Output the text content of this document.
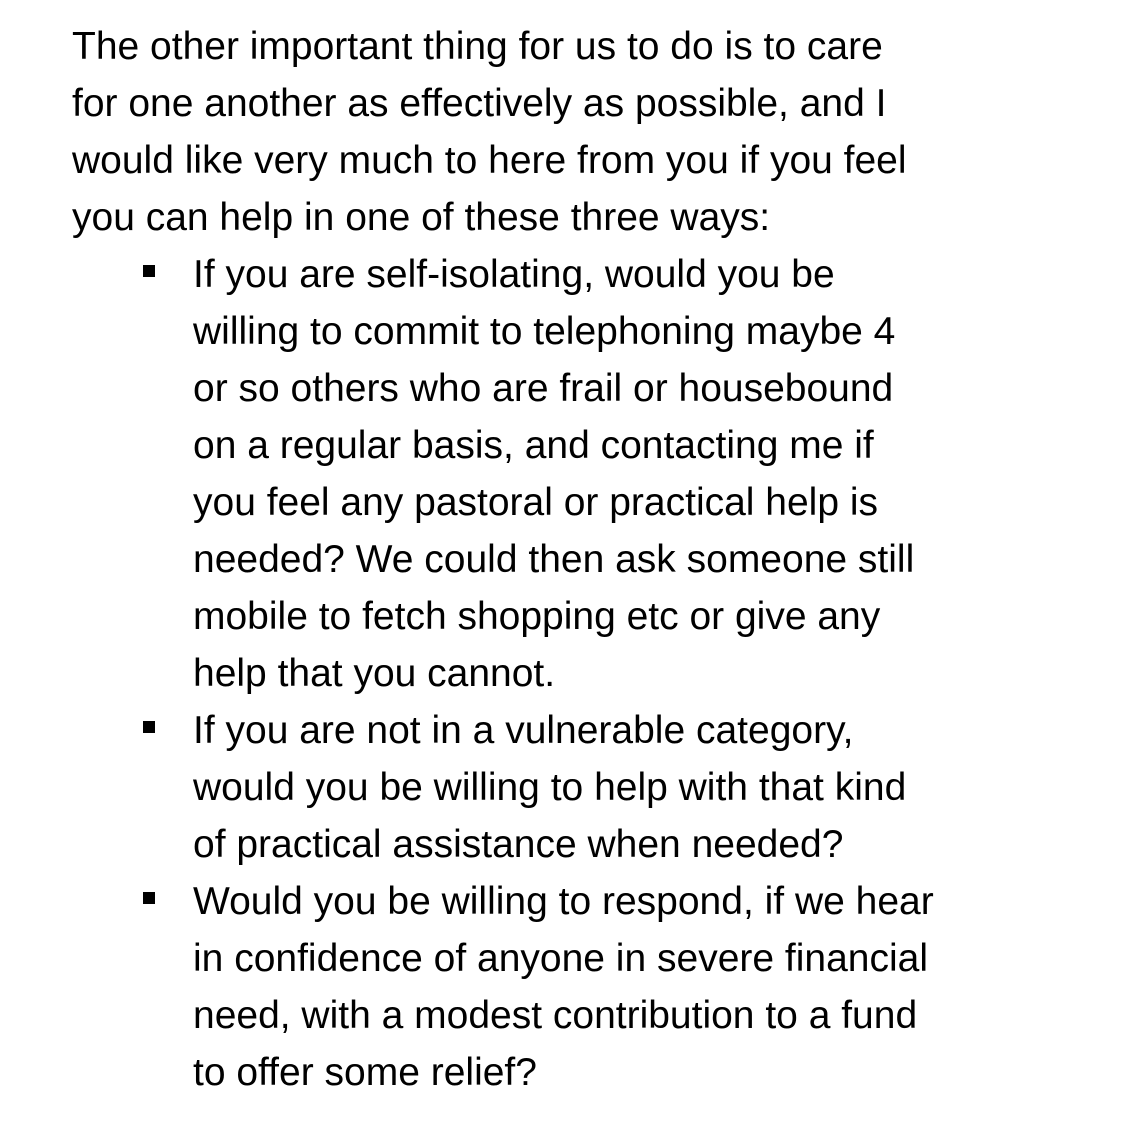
The other important thing for us to do is to care
for one another as effectively as possible, and I
would like very much to here from you if you feel
you can help in one of these three ways:

If you are self-isolating, would you be
willing to commit to telephoning maybe 4
or so others who are frail or housebound
on a regular basis, and contacting me if
you feel any pastoral or practical help is
needed? We could then ask someone still
mobile to fetch shopping etc or give any
help that you cannot.
If you are not in a vulnerable category,
would you be willing to help with that kind
of practical assistance when needed?
Would you be willing to respond, if we hear
in confidence of anyone in severe financial
need, with a modest contribution to a fund
to offer some relief?
